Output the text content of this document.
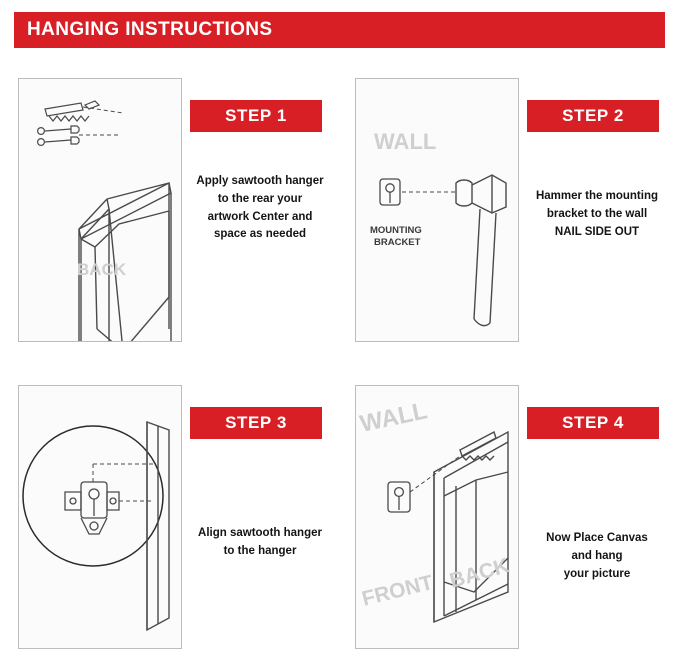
HANGING INSTRUCTIONS
BACK
STEP 1
Apply sawtooth hanger
to the rear your
artwork Center and
space as needed
WALL
MOUNTING
BRACKET
STEP 2
Hammer the mounting
bracket to the wall
NAIL SIDE OUT
STEP 3
Align sawtooth hanger
to the hanger
WALL
FRONT BACK
STEP 4
Now Place Canvas
and hang
your picture
